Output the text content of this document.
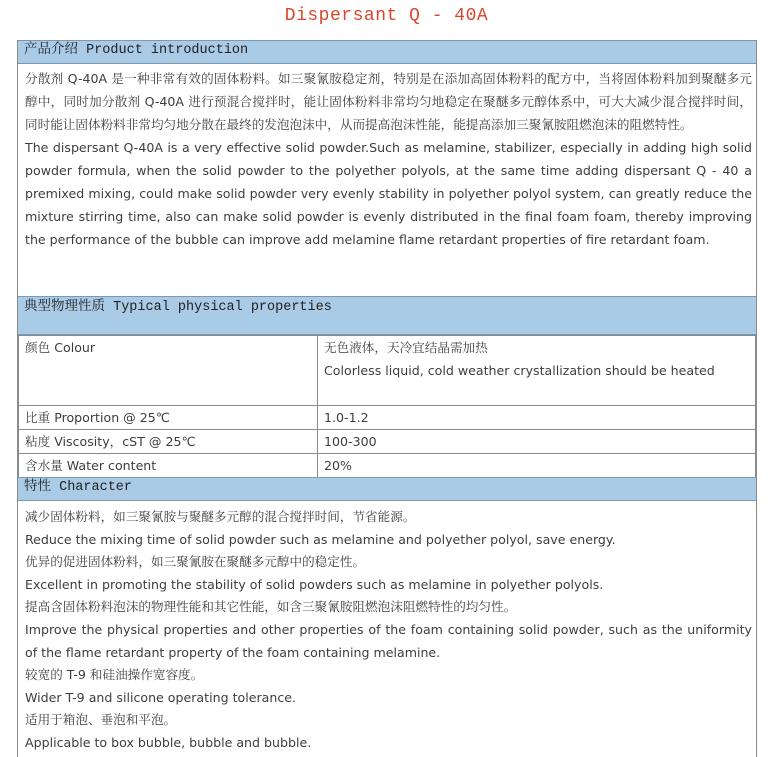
Dispersant Q - 40A
产品介绍 Product introduction

分散剂 Q-40A 是一种非常有效的固体粉料。如三聚氰胺稳定剂，特别是在添加高固体粉料的配方中，当将固体粉料加到聚醚多元醇中，同时加分散剂 Q-40A 进行预混合搅拌时，能让固体粉料非常均匀地稳定在聚醚多元醇体系中，可大大减少混合搅拌时间，同时能让固体粉料非常均匀地分散在最终的发泡泡沫中，从而提高泡沫性能，能提高添加三聚氰胺阻燃泡沫的阻燃特性。

The dispersant Q-40A is a very effective solid powder.Such as melamine, stabilizer, especially in adding high solid powder formula, when the solid powder to the polyether polyols, at the same time adding dispersant Q - 40 a premixed mixing, could make solid powder very evenly stability in polyether polyol system, can greatly reduce the mixture stirring time, also can make solid powder is evenly distributed in the final foam foam, thereby improving the performance of the bubble can improve add melamine flame retardant properties of fire retardant foam.

典型物理性质 Typical physical properties
颜色 Colour	无色液体，天冷宜结晶需加热
Colorless liquid, cold weather crystallization should be heated

比重 Proportion @ 25℃	1.0-1.2
粘度 Viscosity，cST @ 25℃	100-300
含水量 Water content	20%
特性 Character

减少固体粉料，如三聚氰胺与聚醚多元醇的混合搅拌时间，节省能源。

Reduce the mixing time of solid powder such as melamine and polyether polyol, save energy.

优异的促进固体粉料，如三聚氰胺在聚醚多元醇中的稳定性。

Excellent in promoting the stability of solid powders such as melamine in polyether polyols.

提高含固体粉料泡沫的物理性能和其它性能，如含三聚氰胺阻燃泡沫阻燃特性的均匀性。

Improve the physical properties and other properties of the foam containing solid powder, such as the uniformity of the flame retardant property of the foam containing melamine.

较宽的 T-9 和硅油操作宽容度。

Wider T-9 and silicone operating tolerance.

适用于箱泡、垂泡和平泡。

Applicable to box bubble, bubble and bubble.
